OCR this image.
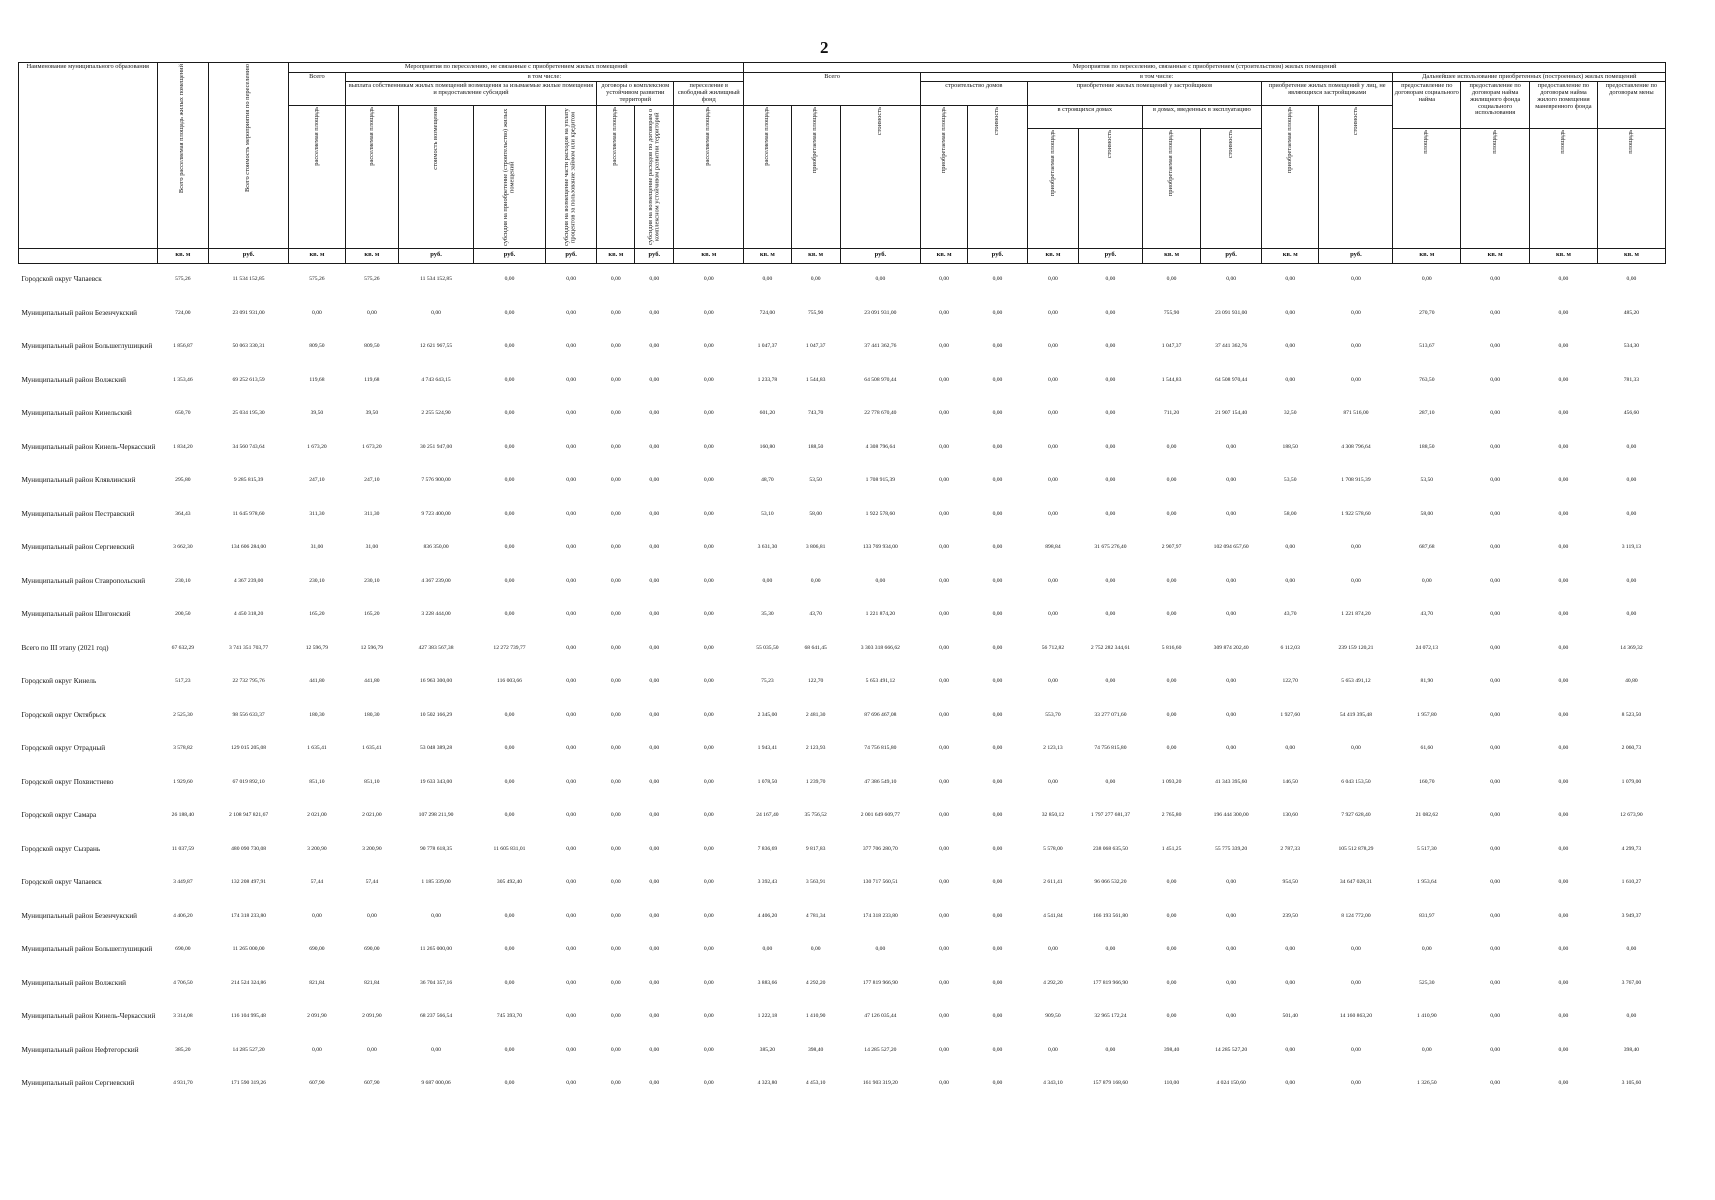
2
Наименование муниципального образования	Всего расселяемая площадь жилых помещений	Всего стоимость мероприятия по переселению	Мероприятия по переселению, не связанные с приобретением жилых помещений								Мероприятия по переселению, связанные с приобретением (строительством) жилых помещений														
			Всего	в том числе:							Всего			в том числе:								Дальнейшее использование приобретенных (построенных) жилых помещений			
				выплата собственникам жилых помещений возмещения за изымаемые жилые помещения и предоставление субсидий				договоры о комплексном устойчивом развитии территорий		переселение в свободный жилищный фонд				строительство домов		приобретение жилых помещений у застройщиков				приобретение жилых помещений у лиц, не являющихся застройщиками		предоставление по договорам социального найма	предоставление по договорам найма жилищного фонда социального использования	предоставление по договорам найма жилого помещения маневренного фонда	предоставление по договорам мены

			расселяемая площадь	расселяемая площадь	стоимость возмещения	субсидия на приобретение (строительство) жилых помещений	субсидия на возмещение части расходов на уплату процентов за пользование займом или кредитом	расселяемая площадь	субсидия на возмещение расходов по договорам о комплексном устойчивом развитии территорий	расселяемая площадь	расселяемая площадь	приобретаемая площадь	стоимость	приобретаемая площадь	стоимость	в строящихся домах		в домах, введенных в эксплуатацию		приобретаемая площадь	стоимость				

																приобретаемая площадь	стоимость	приобретаемая площадь	стоимость			площадь	площадь	площадь	площадь

	кв. м	руб.	кв. м	кв. м	руб.	руб.	руб.	кв. м	руб.	кв. м	кв. м	кв. м	руб.	кв. м	руб.	кв. м	руб.	кв. м	руб.	кв. м	руб.	кв. м	кв. м	кв. м	кв. м
Городской округ Чапаевск	575,26	11 534 152,85	575,26	575,26	11 534 152,85	0,00	0,00	0,00	0,00	0,00	0,00	0,00	0,00	0,00	0,00	0,00	0,00	0,00	0,00	0,00	0,00	0,00	0,00	0,00	0,00
Муниципальный район Безенчукский	724,00	23 091 931,00	0,00	0,00	0,00	0,00	0,00	0,00	0,00	0,00	724,00	755,90	23 091 931,00	0,00	0,00	0,00	0,00	755,90	23 091 931,00	0,00	0,00	270,70	0,00	0,00	485,20
Муниципальный район Большеглушицкий	1 856,87	50 063 330,31	809,50	809,50	12 621 967,55	0,00	0,00	0,00	0,00	0,00	1 047,37	1 047,37	37 441 362,76	0,00	0,00	0,00	0,00	1 047,37	37 441 362,76	0,00	0,00	513,67	0,00	0,00	534,30
Муниципальный район Волжский	1 353,46	69 252 613,59	119,68	119,68	4 743 643,15	0,00	0,00	0,00	0,00	0,00	1 233,78	1 544,83	64 508 970,44	0,00	0,00	0,00	0,00	1 544,83	64 508 970,44	0,00	0,00	763,50	0,00	0,00	781,33
Муниципальный район Кинельский	650,70	25 034 195,30	39,50	39,50	2 255 524,90	0,00	0,00	0,00	0,00	0,00	601,20	743,70	22 778 670,40	0,00	0,00	0,00	0,00	711,20	21 907 154,40	32,50	871 516,00	287,10	0,00	0,00	456,60
Муниципальный район Кинель-Черкасский	1 834,20	34 560 743,64	1 673,20	1 673,20	30 251 947,00	0,00	0,00	0,00	0,00	0,00	160,80	188,50	4 308 796,64	0,00	0,00	0,00	0,00	0,00	0,00	188,50	4 308 796,64	188,50	0,00	0,00	0,00
Муниципальный район Клявлинский	295,80	9 285 815,39	247,10	247,10	7 576 900,00	0,00	0,00	0,00	0,00	0,00	48,70	53,50	1 708 915,39	0,00	0,00	0,00	0,00	0,00	0,00	53,50	1 708 915,39	53,50	0,00	0,00	0,00
Муниципальный район Пестравский	364,43	11 645 978,60	311,30	311,30	9 723 400,00	0,00	0,00	0,00	0,00	0,00	53,10	58,00	1 922 578,60	0,00	0,00	0,00	0,00	0,00	0,00	58,00	1 922 578,60	58,00	0,00	0,00	0,00
Муниципальный район Сергиевский	3 662,30	134 606 284,00	31,00	31,00	836 350,00	0,00	0,00	0,00	0,00	0,00	3 631,30	3 806,81	133 769 934,00	0,00	0,00	898,84	31 675 276,40	2 907,97	102 094 657,60	0,00	0,00	687,68	0,00	0,00	3 119,13
Муниципальный район Ставропольский	230,10	4 367 239,00	230,10	230,10	4 367 239,00	0,00	0,00	0,00	0,00	0,00	0,00	0,00	0,00	0,00	0,00	0,00	0,00	0,00	0,00	0,00	0,00	0,00	0,00	0,00	0,00
Муниципальный район Шигонский	200,50	4 450 318,20	165,20	165,20	3 228 444,00	0,00	0,00	0,00	0,00	0,00	35,30	43,70	1 221 874,20	0,00	0,00	0,00	0,00	0,00	0,00	43,70	1 221 874,20	43,70	0,00	0,00	0,00
Всего по III этапу (2021 год)	67 632,29	3 741 351 703,77	12 596,79	12 596,79	427 383 567,38	12 272 739,77	0,00	0,00	0,00	0,00	55 035,50	68 641,45	3 303 318 666,62	0,00	0,00	56 712,82	2 752 282 344,61	5 816,60	309 874 202,40	6 112,03	239 159 120,21	24 072,13	0,00	0,00	14 369,32
Городской округ Кинель	517,23	22 732 795,76	441,80	441,80	16 963 300,00	116 003,66	0,00	0,00	0,00	0,00	75,23	122,70	5 653 491,12	0,00	0,00	0,00	0,00	0,00	0,00	122,70	5 653 491,12	81,90	0,00	0,00	40,80
Городской округ Октябрьск	2 525,30	98 556 633,37	180,30	180,30	10 502 166,29	0,00	0,00	0,00	0,00	0,00	2 345,00	2 481,30	87 696 467,08	0,00	0,00	553,70	33 277 071,60	0,00	0,00	1 927,60	54 419 395,48	1 957,80	0,00	0,00	8 523,50
Городской округ Отрадный	3 578,82	129 015 205,08	1 635,41	1 635,41	53 048 389,28	0,00	0,00	0,00	0,00	0,00	1 943,41	2 123,93	74 756 815,80	0,00	0,00	2 123,13	74 756 815,80	0,00	0,00	0,00	0,00	61,60	0,00	0,00	2 060,73
Городской округ Похвистнево	1 929,60	67 019 892,10	851,10	851,10	19 633 343,00	0,00	0,00	0,00	0,00	0,00	1 078,50	1 239,70	47 386 549,10	0,00	0,00	0,00	0,00	1 093,20	41 343 395,60	146,50	6 043 153,50	160,70	0,00	0,00	1 079,00
Городской округ Самара	26 188,40	2 108 947 821,67	2 021,00	2 021,00	107 298 211,90	0,00	0,00	0,00	0,00	0,00	24 167,40	35 756,52	2 001 649 609,77	0,00	0,00	32 850,12	1 797 277 681,37	2 765,80	196 444 300,00	130,60	7 927 628,40	21 082,62	0,00	0,00	12 673,90
Городской округ Сызрань	11 037,59	480 090 730,08	3 200,90	3 200,90	90 778 618,35	11 605 831,01	0,00	0,00	0,00	0,00	7 836,69	9 817,83	377 706 280,70	0,00	0,00	5 578,00	238 068 635,50	1 451,25	55 775 339,20	2 787,33	105 512 878,29	5 517,30	0,00	0,00	4 299,73
Городской округ Чапаевск	3 449,87	132 208 497,91	57,44	57,44	1 185 339,00	305 492,40	0,00	0,00	0,00	0,00	3 392,43	3 563,91	130 717 560,51	0,00	0,00	2 611,41	96 066 532,20	0,00	0,00	954,50	34 647 028,31	1 953,64	0,00	0,00	1 610,27
Муниципальный район Безенчукский	4 406,20	174 318 233,80	0,00	0,00	0,00	0,00	0,00	0,00	0,00	0,00	4 406,20	4 781,34	174 318 233,80	0,00	0,00	4 541,84	166 193 561,80	0,00	0,00	239,50	8 124 772,00	831,97	0,00	0,00	3 949,37
Муниципальный район Большеглушицкий	690,00	11 265 000,00	690,00	690,00	11 265 000,00	0,00	0,00	0,00	0,00	0,00	0,00	0,00	0,00	0,00	0,00	0,00	0,00	0,00	0,00	0,00	0,00	0,00	0,00	0,00	0,00
Муниципальный район Волжский	4 706,50	214 524 324,86	821,84	821,84	36 704 357,16	0,00	0,00	0,00	0,00	0,00	3 883,66	4 292,20	177 819 966,90	0,00	0,00	4 292,20	177 819 966,90	0,00	0,00	0,00	0,00	525,30	0,00	0,00	3 767,00
Муниципальный район Кинель-Черкасский	3 314,08	116 104 995,48	2 091,90	2 091,90	68 237 566,54	745 393,70	0,00	0,00	0,00	0,00	1 222,18	1 410,90	47 126 035,44	0,00	0,00	909,50	32 965 172,24	0,00	0,00	501,40	14 160 863,20	1 410,90	0,00	0,00	0,00
Муниципальный район Нефтегорский	385,20	14 285 527,20	0,00	0,00	0,00	0,00	0,00	0,00	0,00	0,00	385,20	398,40	14 285 527,20	0,00	0,00	0,00	0,00	398,40	14 285 527,20	0,00	0,00	0,00	0,00	0,00	398,40
Муниципальный район Сергиевский	4 931,70	171 590 319,26	607,90	607,90	9 687 000,06	0,00	0,00	0,00	0,00	0,00	4 323,80	4 453,10	161 903 319,20	0,00	0,00	4 343,10	157 879 168,60	110,00	4 024 150,60	0,00	0,00	1 326,50	0,00	0,00	3 105,60
